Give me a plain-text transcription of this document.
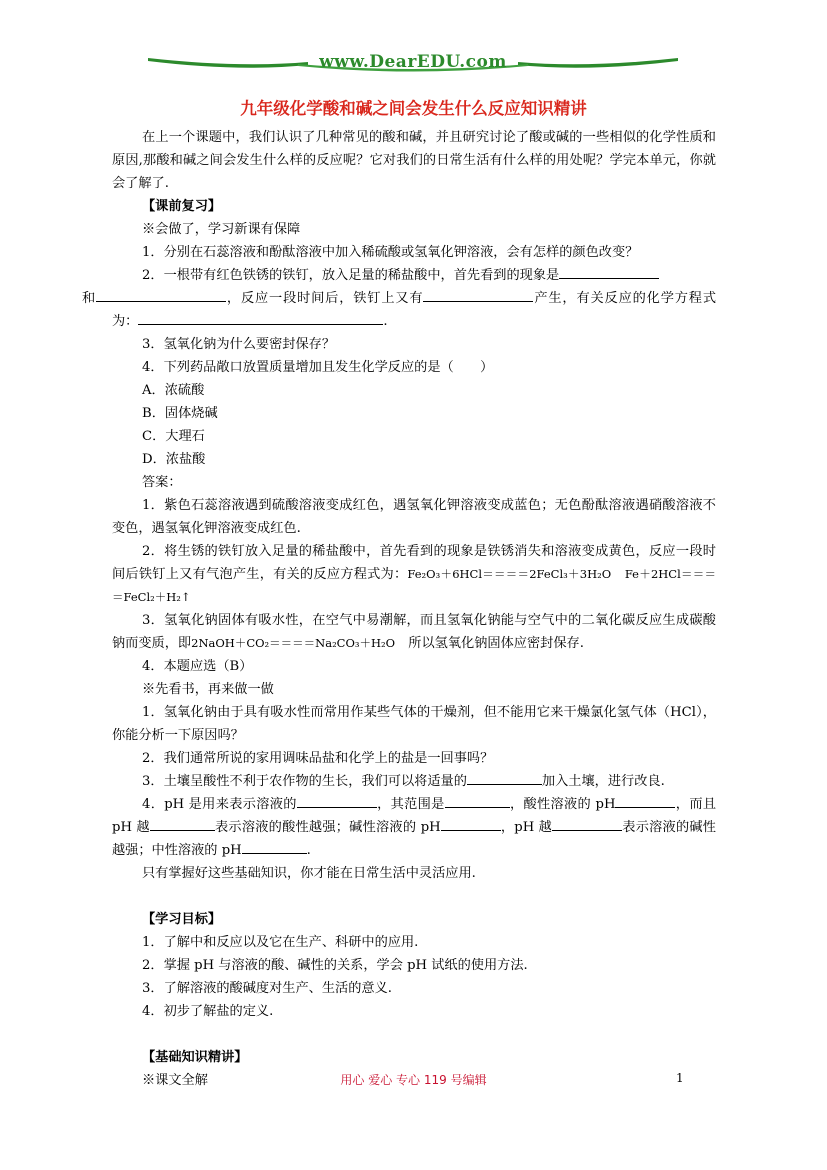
www.DearEDU.com
九年级化学酸和碱之间会发生什么反应知识精讲

在上一个课题中，我们认识了几种常见的酸和碱，并且研究讨论了酸或碱的一些相似的化学性质和原因,那酸和碱之间会发生什么样的反应呢？它对我们的日常生活有什么样的用处呢？学完本单元，你就会了解了.

【课前复习】

※会做了，学习新课有保障

1．分别在石蕊溶液和酚酞溶液中加入稀硫酸或氢氧化钾溶液，会有怎样的颜色改变？

2．一根带有红色铁锈的铁钉，放入足量的稀盐酸中，首先看到的现象是
和	，反应一段时间后，铁钉上又有	产生，有关反应的化学方程式为：	.

3．氢氧化钠为什么要密封保存？

4．下列药品敞口放置质量增加且发生化学反应的是（　　）

A．浓硫酸

B．固体烧碱

C．大理石

D．浓盐酸

答案：

1．紫色石蕊溶液遇到硫酸溶液变成红色，遇氢氧化钾溶液变成蓝色；无色酚酞溶液遇硝酸溶液不变色，遇氢氧化钾溶液变成红色.

2．将生锈的铁钉放入足量的稀盐酸中，首先看到的现象是铁锈消失和溶液变成黄色，反应一段时间后铁钉上又有气泡产生，有关的反应方程式为：Fe₂O₃＋6HCl＝＝＝＝2FeCl₃＋3H₂O　 Fe＋2HCl＝＝＝＝FeCl₂＋H₂↑

3．氢氧化钠固体有吸水性，在空气中易潮解，而且氢氧化钠能与空气中的二氧化碳反应生成碳酸钠而变质，即2NaOH＋CO₂＝＝＝＝Na₂CO₃＋H₂O　 所以氢氧化钠固体应密封保存.

4．本题应选（B）

※先看书，再来做一做

1．氢氧化钠由于具有吸水性而常用作某些气体的干燥剂，但不能用它来干燥氯化氢气体（HCl），你能分析一下原因吗？

2．我们通常所说的家用调味品盐和化学上的盐是一回事吗？

3．土壤呈酸性不利于农作物的生长，我们可以将适量的	加入土壤，进行改良.

4．pH 是用来表示溶液的	，其范围是	，酸性溶液的 pH	，而且 pH 越	表示溶液的酸性越强；碱性溶液的 pH	，pH 越	表示溶液的碱性越强；中性溶液的 pH	.

只有掌握好这些基础知识，你才能在日常生活中灵活应用.

【学习目标】

1．了解中和反应以及它在生产、科研中的应用.

2．掌握 pH 与溶液的酸、碱性的关系，学会 pH 试纸的使用方法.

3．了解溶液的酸碱度对生产、生活的意义.

4．初步了解盐的定义.

【基础知识精讲】

※课文全解	用心 爱心 专心 119 号编辑	1
